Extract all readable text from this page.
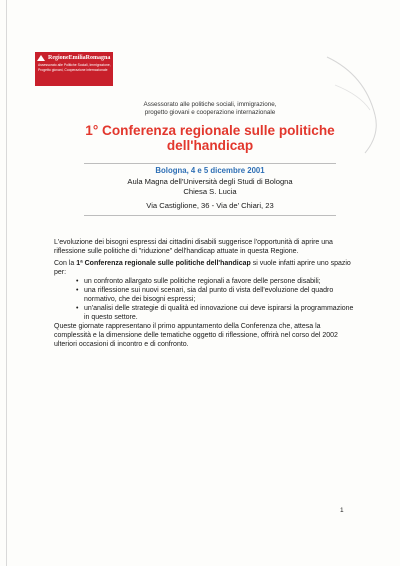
RegioneEmiliaRomagna
Assessorato alle Politiche Sociali, Immigrazione,
Progetto giovani, Cooperazione internazionale
Assessorato alle politiche sociali, immigrazione,
progetto giovani e cooperazione internazionale
1° Conferenza regionale sulle politiche
dell'handicap
Bologna, 4 e 5 dicembre 2001
Aula Magna dell'Università degli Studi di Bologna
Chiesa S. Lucia
Via Castiglione, 36 - Via de' Chiari, 23

L'evoluzione dei bisogni espressi dai cittadini disabili suggerisce l'opportunità di aprire una riflessione sulle politiche di "riduzione" dell'handicap attuate in questa Regione.

Con la 1ª Conferenza regionale sulle politiche dell'handicap si vuole infatti aprire uno spazio per:

• un confronto allargato sulle politiche regionali a favore delle persone disabili;
• una riflessione sui nuovi scenari, sia dal punto di vista dell'evoluzione del quadro normativo, che dei bisogni espressi;
• un'analisi delle strategie di qualità ed innovazione cui deve ispirarsi la programmazione in questo settore.

Queste giornate rappresentano il primo appuntamento della Conferenza che, attesa la complessità e la dimensione delle tematiche oggetto di riflessione, offrirà nel corso del 2002 ulteriori occasioni di incontro e di confronto.

1
